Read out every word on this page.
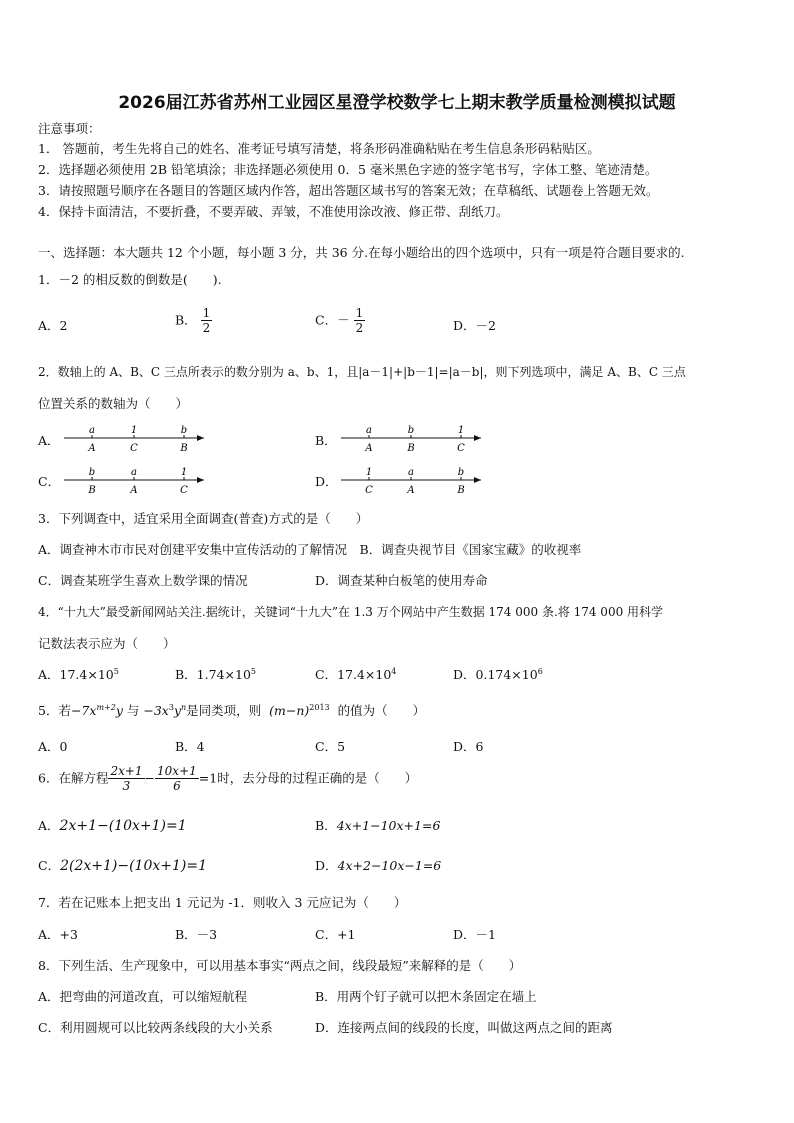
2026届江苏省苏州工业园区星澄学校数学七上期末教学质量检测模拟试题
注意事项：
1． 答题前，考生先将自己的姓名、准考证号填写清楚，将条形码准确粘贴在考生信息条形码粘贴区。
2．选择题必须使用 2B 铅笔填涂；非选择题必须使用 0．5 毫米黑色字迹的签字笔书写，字体工整、笔迹清楚。
3．请按照题号顺序在各题目的答题区域内作答，超出答题区域书写的答案无效；在草稿纸、试题卷上答题无效。
4．保持卡面清洁，不要折叠，不要弄破、弄皱，不准使用涂改液、修正带、刮纸刀。
一、选择题：本大题共 12 个小题，每小题 3 分，共 36 分.在每小题给出的四个选项中，只有一项是符合题目要求的.
1．－2 的相反数的倒数是(　　).
A．2	B． $\frac{1}{2}$	C．－ $\frac{1}{2}$	D．－2
2．数轴上的 A、B、C 三点所表示的数分别为 a、b、1，且|a－1|+|b－1|=|a－b|，则下列选项中，满足 A、B、C 三点
位置关系的数轴为（　　）
A．
a
A
1
C
b
B
B．
a
A
b
B
1
C
C．
b
B
a
A
1
C
D．
1
C
a
A
b
B
3．下列调查中，适宜采用全面调查(普查)方式的是（　　）
A．调查神木市市民对创建平安集中宣传活动的了解情况　B．调查央视节目《国家宝藏》的收视率
C．调查某班学生喜欢上数学课的情况	D．调查某种白板笔的使用寿命
4．“十九大”最受新闻网站关注.据统计，关键词“十九大”在 1.3 万个网站中产生数据 174 000 条.将 174 000 用科学
记数法表示应为（　　）
A．$17.4\times 10^5$	B．$1.74\times 10^5$	C．$17.4\times 10^4$	D．$0.174\times 10^6$
5．若$-7x^{m+2}y$ 与 $-3x^3y^n$是同类项，则 $(m-n)^{2013}$ 的值为（　　）
A．0	B．4	C．5	D．6
6．在解方程 $\frac{2x+1}{3} - \frac{10x+1}{6} =1$时，去分母的过程正确的是（　　）
A．2x+1−(10x+1)=1	B．4x+1−10x+1=6
C．2(2x+1)−(10x+1)=1	D．4x+2−10x−1=6
7．若在记账本上把支出 1 元记为 -1．则收入 3 元应记为（　　）
A．+3	B．－3	C．+1	D．－1
8．下列生活、生产现象中，可以用基本事实“两点之间，线段最短”来解释的是（　　）
A．把弯曲的河道改直，可以缩短航程	B．用两个钉子就可以把木条固定在墙上
C．利用圆规可以比较两条线段的大小关系	D．连接两点间的线段的长度，叫做这两点之间的距离
